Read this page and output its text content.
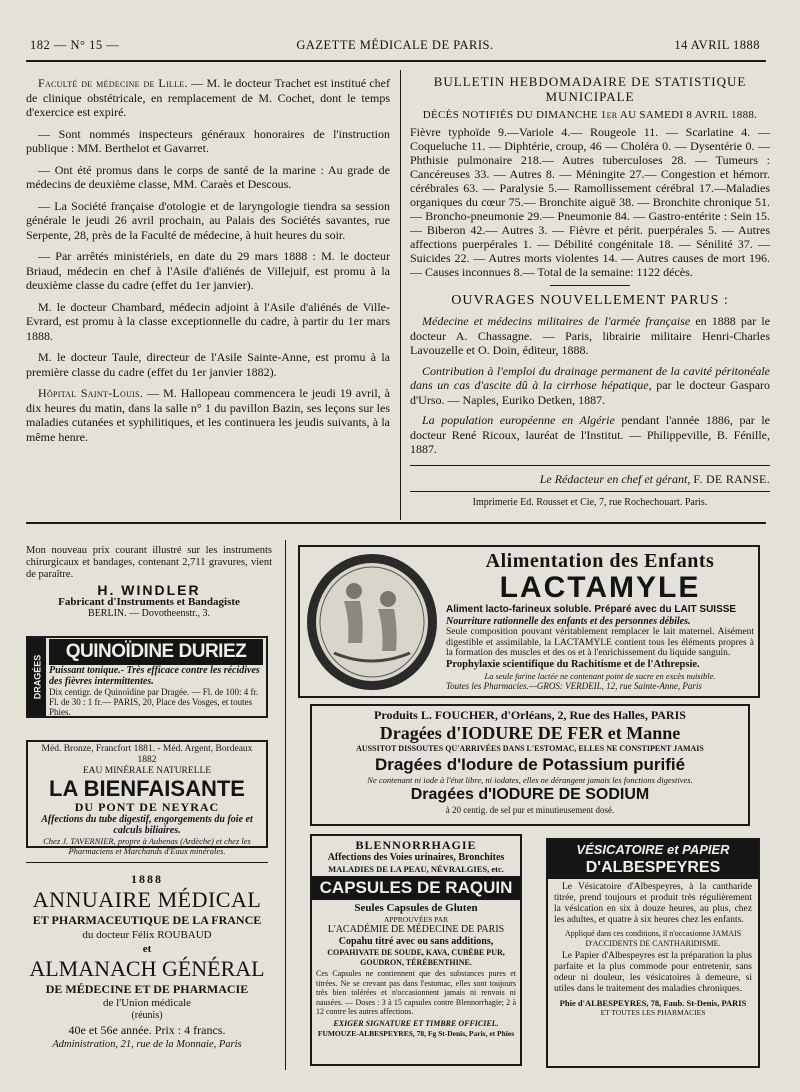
182 — N° 15 —	GAZETTE MÉDICALE DE PARIS.	14 AVRIL 1888

Faculté de médecine de Lille. — M. le docteur Trachet est institué chef de clinique obstétricale, en remplacement de M. Cochet, dont le temps d'exercice est expiré.

— Sont nommés inspecteurs généraux honoraires de l'instruction publique : MM. Berthelot et Gavarret.

— Ont été promus dans le corps de santé de la marine : Au grade de médecins de deuxième classe, MM. Caraès et Descous.

— La Société française d'otologie et de laryngologie tiendra sa session générale le jeudi 26 avril prochain, au Palais des Sociétés savantes, rue Serpente, 28, près de la Faculté de médecine, à huit heures du soir.

— Par arrêtés ministériels, en date du 29 mars 1888 : M. le docteur Briaud, médecin en chef à l'Asile d'aliénés de Villejuif, est promu à la deuxième classe du cadre (effet du 1er janvier).

M. le docteur Chambard, médecin adjoint à l'Asile d'aliénés de Ville-Evrard, est promu à la classe exceptionnelle du cadre, à partir du 1er mars 1888.

M. le docteur Taule, directeur de l'Asile Sainte-Anne, est promu à la première classe du cadre (effet du 1er janvier 1882).

Hôpital Saint-Louis. — M. Hallopeau commencera le jeudi 19 avril, à dix heures du matin, dans la salle n° 1 du pavillon Bazin, ses leçons sur les maladies cutanées et syphilitiques, et les continuera les jeudis suivants, à la même henre.

BULLETIN HEBDOMADAIRE DE STATISTIQUE MUNICIPALE
DÉCÈS NOTIFIÉS DU DIMANCHE 1er AU SAMEDI 8 AVRIL 1888.
Fièvre typhoïde 9.—Variole 4.— Rougeole 11. — Scarlatine 4. — Coqueluche 11. — Diphtérie, croup, 46 — Choléra 0. — Dysentérie 0. — Phthisie pulmonaire 218.— Autres tuberculoses 28. — Tumeurs : Cancéreuses 33. — Autres 8. — Méningite 27.— Congestion et hémorr. cérébrales 63. — Paralysie 5.— Ramollissement cérébral 17.—Maladies organiques du cœur 75.— Bronchite aiguë 38. — Bronchite chronique 51. — Broncho-pneumonie 29.— Pneumonie 84. — Gastro-entérite : Sein 15. — Biberon 42.— Autres 3. — Fièvre et périt. puerpérales 5. — Autres affections puerpérales 1. — Débilité congénitale 18. — Sénilité 37. — Suicides 22. — Autres morts violentes 14. — Autres causes de mort 196. — Causes inconnues 8.— Total de la semaine: 1122 décès.
OUVRAGES NOUVELLEMENT PARUS :

Médecine et médecins militaires de l'armée française en 1888 par le docteur A. Chassagne. — Paris, librairie militaire Henri-Charles Lavouzelle et O. Doin, éditeur, 1888.

Contribution à l'emploi du drainage permanent de la cavité péritonéale dans un cas d'ascite dû à la cirrhose hépatique, par le docteur Gasparo d'Urso. — Naples, Euriko Detken, 1887.

La population européenne en Algérie pendant l'année 1886, par le docteur René Ricoux, lauréat de l'Institut. — Philippeville, B. Fénille, 1887.

Le Rédacteur en chef et gérant, F. DE RANSE.
Imprimerie Ed. Rousset et Cie, 7, rue Rochechouart. Paris.
Mon nouveau prix courant illustré sur les instruments chirurgicaux et bandages, contenant 2,711 gravures, vient de paraître.
H. WINDLER
Fabricant d'Instruments et Bandagiste
BERLIN. — Dovotheenstr., 3.
DRAGÉES
QUINOÏDINE DURIEZ
Puissant tonique.- Très efficace contre les récidives des fièvres intermittentes.
Dix centigr. de Quinoïdine par Dragée. — Fl. de 100: 4 fr.
Fl. de 30 : 1 fr.— PARIS, 20, Place des Vosges, et toutes Phies.
Méd. Bronze, Francfort 1881. - Méd. Argent, Bordeaux 1882
EAU MINÉRALE NATURELLE
LA BIENFAISANTE
DU PONT DE NEYRAC
Affections du tube digestif, engorgements du foie et calculs biliaires.
Chez J. TAVERNIER, propre à Aubenas (Ardèche) et chez les Pharmaciens et Marchands d'Eaux minérales.
1888
ANNUAIRE MÉDICAL
ET PHARMACEUTIQUE DE LA FRANCE
du docteur Félix ROUBAUD
et
ALMANACH GÉNÉRAL
DE MÉDECINE ET DE PHARMACIE
de l'Union médicale
(réunis)
40e et 56e année. Prix : 4 francs.
Administration, 21, rue de la Monnaie, Paris
Alimentation des Enfants
LACTAMYLE
Aliment lacto-farineux soluble. Préparé avec du LAIT SUISSE
Nourriture rationnelle des enfants et des personnes débiles.
Seule composition pouvant véritablement remplacer le lait maternel. Aisément digestible et assimilable, la LACTAMYLE contient tous les éléments propres à la formation des muscles et des os et à l'enrichissement du liquide sanguin.
Prophylaxie scientifique du Rachitisme et de l'Athrepsie.
La seule farine lactée ne contenant point de sucre en excès nuisible.
Toutes les Pharmacies.—GROS: VERDEIL, 12, rue Sainte-Anne, Paris
Produits L. FOUCHER, d'Orléans, 2, Rue des Halles, PARIS
Dragées d'IODURE DE FER et Manne
AUSSITOT DISSOUTES QU'ARRIVÉES DANS L'ESTOMAC, ELLES NE CONSTIPENT JAMAIS
Dragées d'Iodure de Potassium purifié
Ne contenant ni iode à l'état libre, ni iodates, elles ne dérangent jamais les fonctions digestives.
Dragées d'IODURE DE SODIUM
à 20 centig. de sel pur et minutieusement dosé.
BLENNORRHAGIE
Affections des Voies urinaires, Bronchites
MALADIES DE LA PEAU, NÉVRALGIES, etc.
CAPSULES DE RAQUIN
Seules Capsules de Gluten
APPROUVÉES PAR
L'ACADÉMIE DE MÉDECINE DE PARIS
Copahu titré avec ou sans additions,
COPAHIVATE DE SOUDE, KAVA, CUBÈBE PUR, GOUDRON, TÉRÉBENTHINE.
Ces Capsules ne contiennent que des substances pures et titrées. Ne se crevant pas dans l'estomac, elles sont toujours très bien tolérées et n'occasionnent jamais ni renvois ni nausées. — Doses : 3 à 15 capsules contre Blennorrhagie; 2 à 12 contre les autres affections.
EXIGER SIGNATURE ET TIMBRE OFFICIEL.
FUMOUZE-ALBESPEYRES, 78, Fg St-Denis, Paris, et Phies
VÉSICATOIRE et PAPIER
D'ALBESPEYRES
Le Vésicatoire d'Albespeyres, à la cantharide titrée, prend toujours et produit très régulièrement la vésication en six à douze heures, au plus, chez les adultes, et quatre à six heures chez les enfants.
Appliqué dans ces conditions, il n'occasionne JAMAIS D'ACCIDENTS DE CANTHARIDISME.
Le Papier d'Albespeyres est la préparation la plus parfaite et la plus commode pour entretenir, sans odeur ni douleur, les vésicatoires à demeure, si utiles dans le traitement des maladies chroniques.
Phie d'ALBESPEYRES, 78, Faub. St-Denis, PARIS
ET TOUTES LES PHARMACIES
